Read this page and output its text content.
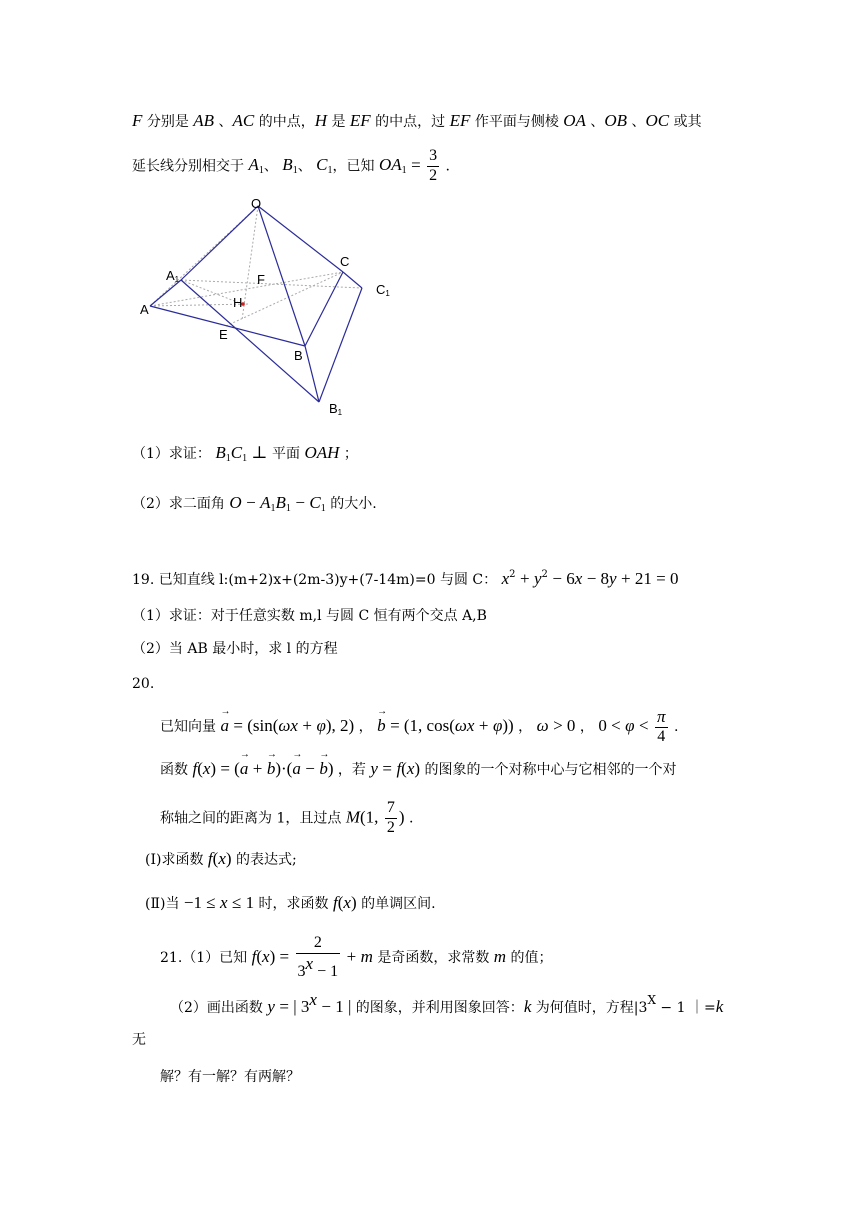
F 分别是 AB 、AC 的中点，H 是 EF 的中点，过 EF 作平面与侧棱 OA 、OB 、OC 或其
延长线分别相交于 $A_1$、 $B_1$、 $C_1$，已知 $OA_1 = \frac{3}{2}$ .
O
A1	F
C
C1
A	H
E
B
B1
（1）求证： $B_1C_1$ ⊥ 平面 OAH ；
（2）求二面角 $O - A_1B_1 - C_1$ 的大小.
19. 已知直线 l:(m+2)x+(2m-3)y+(7-14m)=0 与圆 C： $x^2 + y^2 - 6x - 8y + 21 = 0$
（1）求证：对于任意实数 m,l 与圆 C 恒有两个交点 A,B
（2）当 AB 最小时，求 l 的方程
20.
已知向量 → a = (sin(ωx + φ), 2) ， → b = (1, cos(ωx + φ)) ， ω > 0 ， $0 < \varphi < \frac{\pi}{4}$ .
函数 f(x) = (→ a + → b)·(→ a − → b) ，若 y = f(x) 的图象的一个对称中心与它相邻的一个对
称轴之间的距离为 1，且过点 M(1, $\frac{7}{2}$ ) .
(Ⅰ)求函数 f(x) 的表达式;
(Ⅱ)当 −1 ≤ x ≤ 1 时，求函数 f(x) 的单调区间.
21.（1）已知 $f(x) = \frac{2}{3^x - 1} + m$ 是奇函数，求常数 m 的值；
（2）画出函数 y = | $3^x - 1$ | 的图象，并利用图象回答：k 为何值时，方程$|3^X - 1$ ｜=k
无
解？有一解？有两解？
